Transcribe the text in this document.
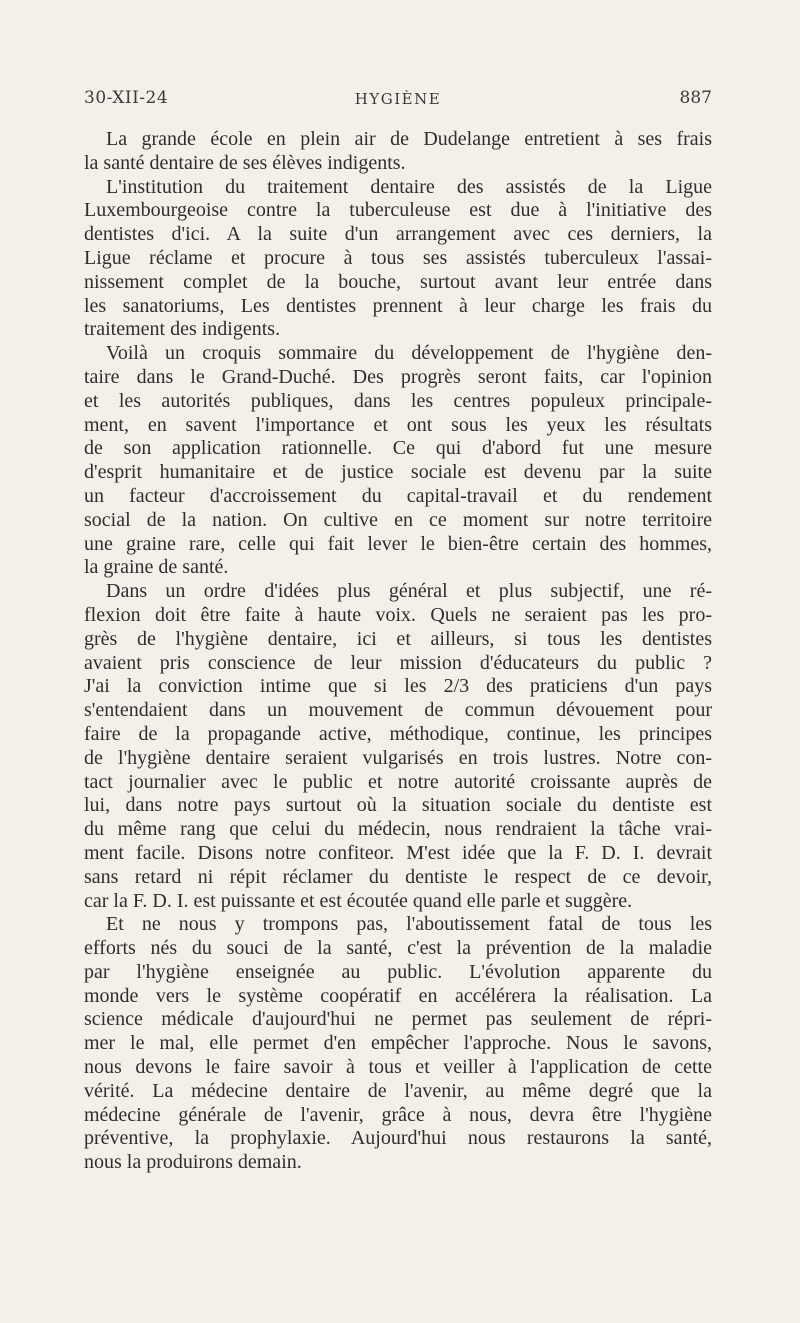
30-XII-24	HYGIÈNE	887
La grande école en plein air de Dudelange entretient à ses frais
la santé dentaire de ses élèves indigents.
L'institution du traitement dentaire des assistés de la Ligue
Luxembourgeoise contre la tuberculeuse est due à l'initiative des
dentistes d'ici. A la suite d'un arrangement avec ces derniers, la
Ligue réclame et procure à tous ses assistés tuberculeux l'assai-
nissement complet de la bouche, surtout avant leur entrée dans
les sanatoriums, Les dentistes prennent à leur charge les frais du
traitement des indigents.
Voilà un croquis sommaire du développement de l'hygiène den-
taire dans le Grand-Duché. Des progrès seront faits, car l'opinion
et les autorités publiques, dans les centres populeux principale-
ment, en savent l'importance et ont sous les yeux les résultats
de son application rationnelle. Ce qui d'abord fut une mesure
d'esprit humanitaire et de justice sociale est devenu par la suite
un facteur d'accroissement du capital-travail et du rendement
social de la nation. On cultive en ce moment sur notre territoire
une graine rare, celle qui fait lever le bien-être certain des hommes,
la graine de santé.
Dans un ordre d'idées plus général et plus subjectif, une ré-
flexion doit être faite à haute voix. Quels ne seraient pas les pro-
grès de l'hygiène dentaire, ici et ailleurs, si tous les dentistes
avaient pris conscience de leur mission d'éducateurs du public ?
J'ai la conviction intime que si les 2/3 des praticiens d'un pays
s'entendaient dans un mouvement de commun dévouement pour
faire de la propagande active, méthodique, continue, les principes
de l'hygiène dentaire seraient vulgarisés en trois lustres. Notre con-
tact journalier avec le public et notre autorité croissante auprès de
lui, dans notre pays surtout où la situation sociale du dentiste est
du même rang que celui du médecin, nous rendraient la tâche vrai-
ment facile. Disons notre confiteor. M'est idée que la F. D. I. devrait
sans retard ni répit réclamer du dentiste le respect de ce devoir,
car la F. D. I. est puissante et est écoutée quand elle parle et suggère.
Et ne nous y trompons pas, l'aboutissement fatal de tous les
efforts nés du souci de la santé, c'est la prévention de la maladie
par l'hygiène enseignée au public. L'évolution apparente du
monde vers le système coopératif en accélérera la réalisation. La
science médicale d'aujourd'hui ne permet pas seulement de répri-
mer le mal, elle permet d'en empêcher l'approche. Nous le savons,
nous devons le faire savoir à tous et veiller à l'application de cette
vérité. La médecine dentaire de l'avenir, au même degré que la
médecine générale de l'avenir, grâce à nous, devra être l'hygiène
préventive, la prophylaxie. Aujourd'hui nous restaurons la santé,
nous la produirons demain.
